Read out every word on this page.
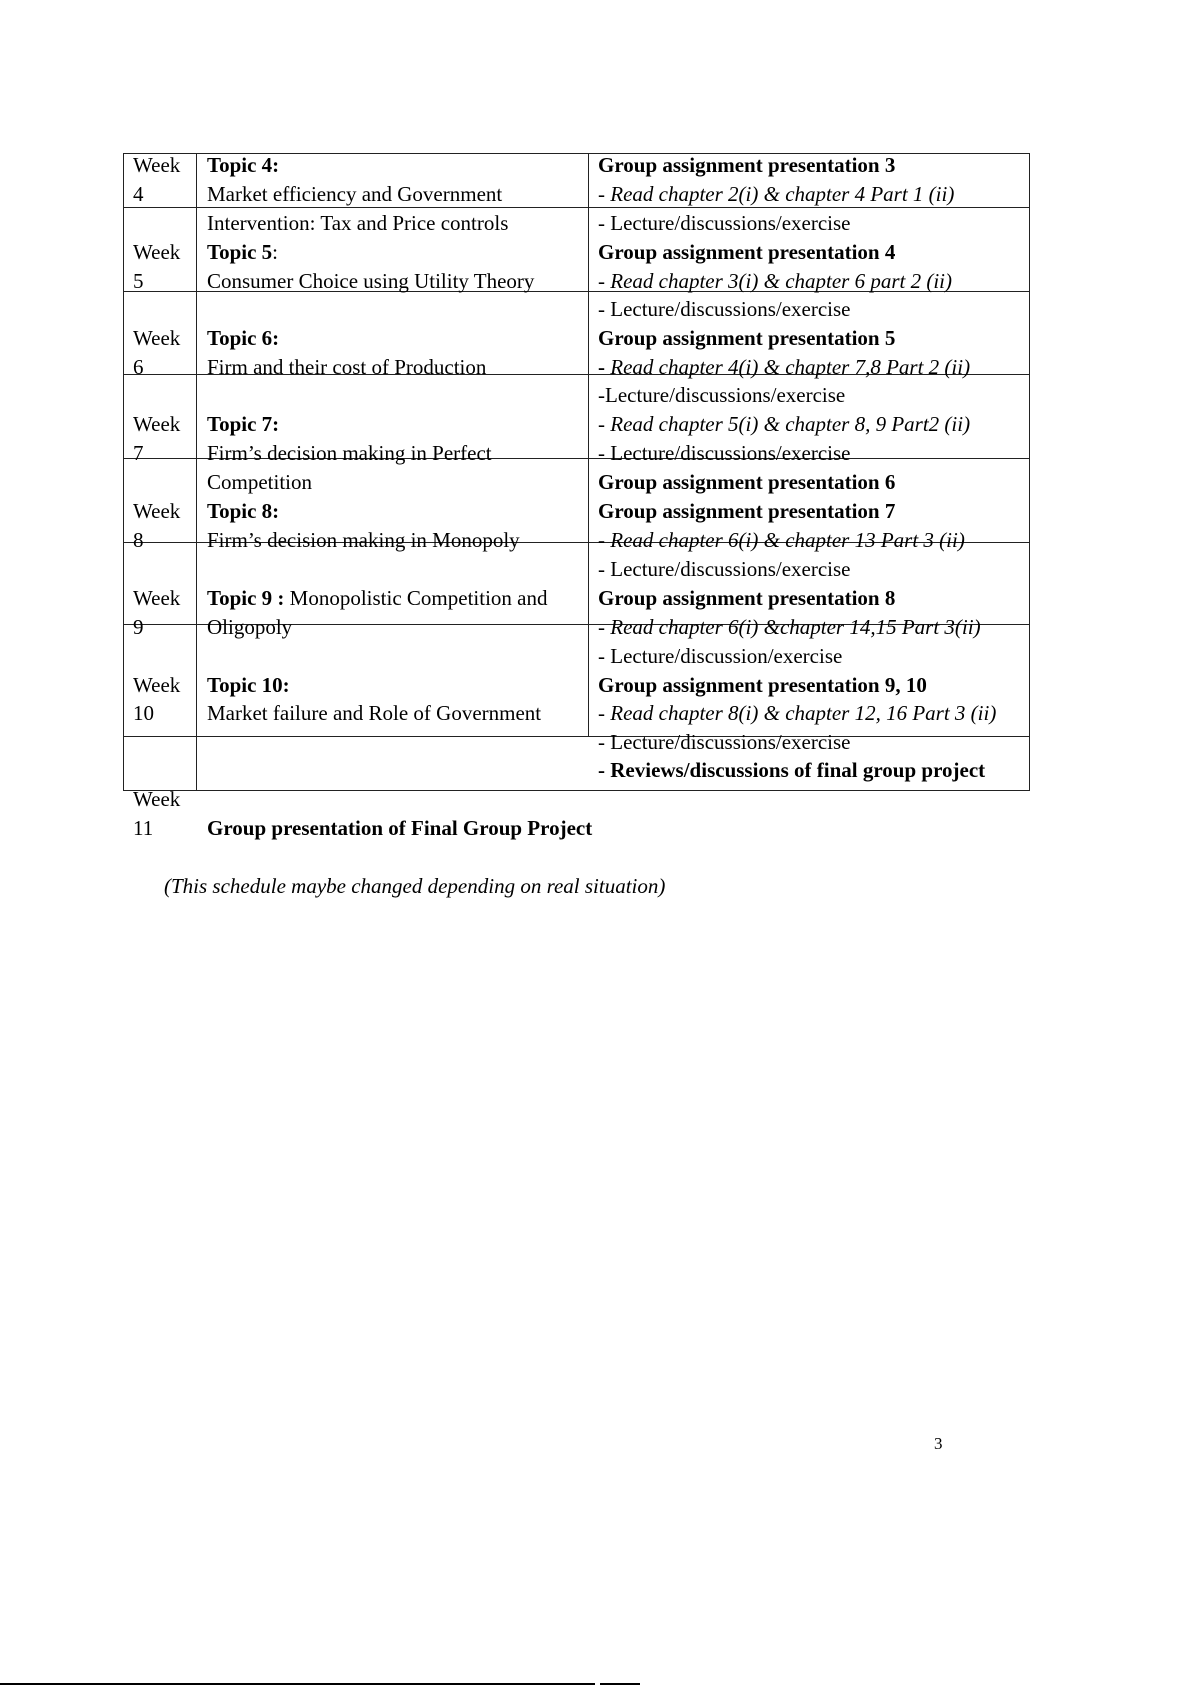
Week
4
Week
5
Week
6
Week
7
Week
8
Week
9
Week
10
Week
11
Topic 4:
Market efficiency and Government
Intervention: Tax and Price controls
Topic 5:
Consumer Choice using Utility Theory
Topic 6:
Firm and their cost of Production
Topic 7:
Firm’s decision making in Perfect
Competition
Topic 8:
Firm’s decision making in Monopoly
Topic 9 : Monopolistic Competition and
Oligopoly
Topic 10:
Market failure and Role of Government
Group presentation of Final Group Project
Group assignment presentation 3
- Read chapter 2(i) & chapter 4 Part 1 (ii)
- Lecture/discussions/exercise
Group assignment presentation 4
- Read chapter 3(i) & chapter 6 part 2 (ii)
- Lecture/discussions/exercise
Group assignment presentation 5
- Read chapter 4(i) & chapter 7,8 Part 2 (ii)
-Lecture/discussions/exercise
- Read chapter 5(i) & chapter 8, 9 Part2 (ii)
- Lecture/discussions/exercise
Group assignment presentation 6
Group assignment presentation 7
- Read chapter 6(i) & chapter 13 Part 3 (ii)
- Lecture/discussions/exercise
Group assignment presentation 8
- Read chapter 6(i) &chapter 14,15 Part 3(ii)
- Lecture/discussion/exercise
Group assignment presentation 9, 10
- Read chapter 8(i) & chapter 12, 16 Part 3 (ii)
- Lecture/discussions/exercise
- Reviews/discussions of final group project
(This schedule maybe changed depending on real situation)
3
